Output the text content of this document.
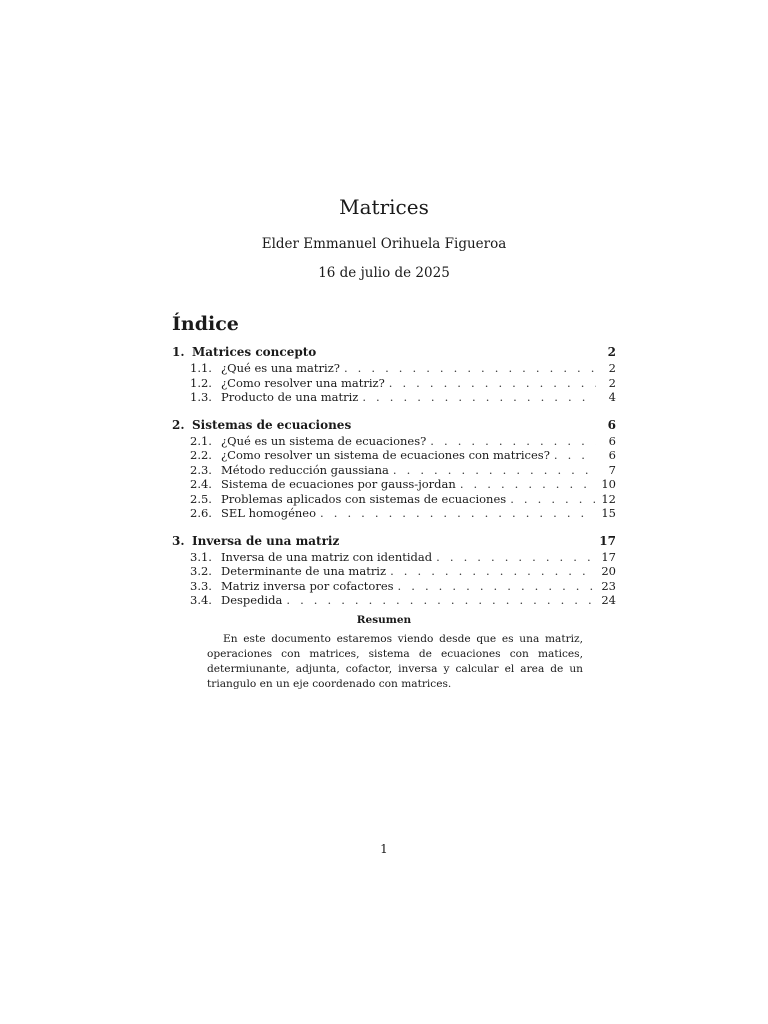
Matrices
Elder Emmanuel Orihuela Figueroa
16 de julio de 2025
Índice
1. Matrices concepto	2
1.1. ¿Qué es una matriz? . . .	2
1.2. ¿Como resolver una matriz? . . .	2
1.3. Producto de una matriz . . .	4
2. Sistemas de ecuaciones	6
2.1. ¿Qué es un sistema de ecuaciones? . . .	6
2.2. ¿Como resolver un sistema de ecuaciones con matrices? . . .	6
2.3. Método reducción gaussiana . . .	7
2.4. Sistema de ecuaciones por gauss-jordan . . .	10
2.5. Problemas aplicados con sistemas de ecuaciones . . .	12
2.6. SEL homogéneo . . .	15
3. Inversa de una matriz	17
3.1. Inversa de una matriz con identidad . . .	17
3.2. Determinante de una matriz . . .	20
3.3. Matriz inversa por cofactores . . .	23
3.4. Despedida . . .	24
Resumen
En este documento estaremos viendo desde que es una matriz, operaciones con matrices, sistema de ecuaciones con matices, determiunante, adjunta, cofactor, inversa y calcular el area de un triangulo en un eje coordenado con matrices.
1
